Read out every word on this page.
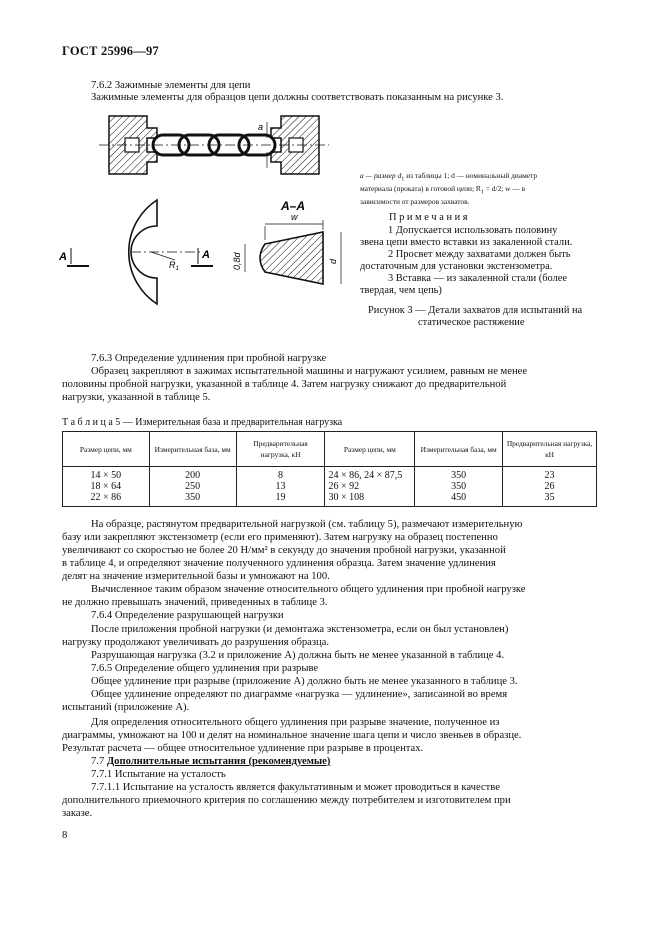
ГОСТ 25996—97
7.6.2 Зажимные элементы для цепи
Зажимные элементы для образцов цепи должны соответствовать показанным на рисунке 3.
a
$R_1$
А	А
А–А
w
0,8d	d
a — размер $d_1$ из таблицы 1; d — номинальный диаметр
материала (проката) в готовой цепи; $R_1 = d/2$; w — в
зависимости от размеров захватов.
П р и м е ч а н и я
1 Допускается использовать половину
звена цепи вместо вставки из закаленной стали.
2 Просвет между захватами должен быть
достаточным для установки экстензометра.
3 Вставка — из закаленной стали (более
твердая, чем цепь)
Рисунок 3 — Детали захватов для испытаний на
статическое растяжение
7.6.3 Определение удлинения при пробной нагрузке
Образец закрепляют в зажимах испытательной машины и нагружают усилием, равным не менее
половины пробной нагрузки, указанной в таблице 4. Затем нагрузку снижают до предварительной
нагрузки, указанной в таблице 5.
Т а б л и ц а 5 — Измерительная база и предварительная нагрузка
Размер цепи, мм	Измерительная база, мм	Предварительная нагрузка, кН	Размер цепи, мм	Измерительная база, мм	Предварительная нагрузка, кН
14 × 50	200	8	24 × 86, 24 × 87,5	350	23
18 × 64	250	13	26 × 92	350	26
22 × 86	350	19	30 × 108	450	35
На образце, растянутом предварительной нагрузкой (см. таблицу 5), размечают измерительную
базу или закрепляют экстензометр (если его применяют). Затем нагрузку на образец постепенно
увеличивают со скоростью не более 20 Н/мм² в секунду до значения пробной нагрузки, указанной
в таблице 4, и определяют значение полученного удлинения образца. Затем значение удлинения
делят на значение измерительной базы и умножают на 100.
Вычисленное таким образом значение относительного общего удлинения при пробной нагрузке
не должно превышать значений, приведенных в таблице 3.
7.6.4 Определение разрушающей нагрузки
После приложения пробной нагрузки (и демонтажа экстензометра, если он был установлен)
нагрузку продолжают увеличивать до разрушения образца.
Разрушающая нагрузка (3.2 и приложение А) должна быть не менее указанной в таблице 4.
7.6.5 Определение общего удлинения при разрыве
Общее удлинение при разрыве (приложение А) должно быть не менее указанного в таблице 3.
Общее удлинение определяют по диаграмме «нагрузка — удлинение», записанной во время
испытаний (приложение А).
Для определения относительного общего удлинения при разрыве значение, полученное из
диаграммы, умножают на 100 и делят на номинальное значение шага цепи и число звеньев в образце.
Результат расчета — общее относительное удлинение при разрыве в процентах.
7.7 Дополнительные испытания (рекомендуемые)
7.7.1 Испытание на усталость
7.7.1.1 Испытание на усталость является факультативным и может проводиться в качестве
дополнительного приемочного критерия по соглашению между потребителем и изготовителем при
заказе.
8
